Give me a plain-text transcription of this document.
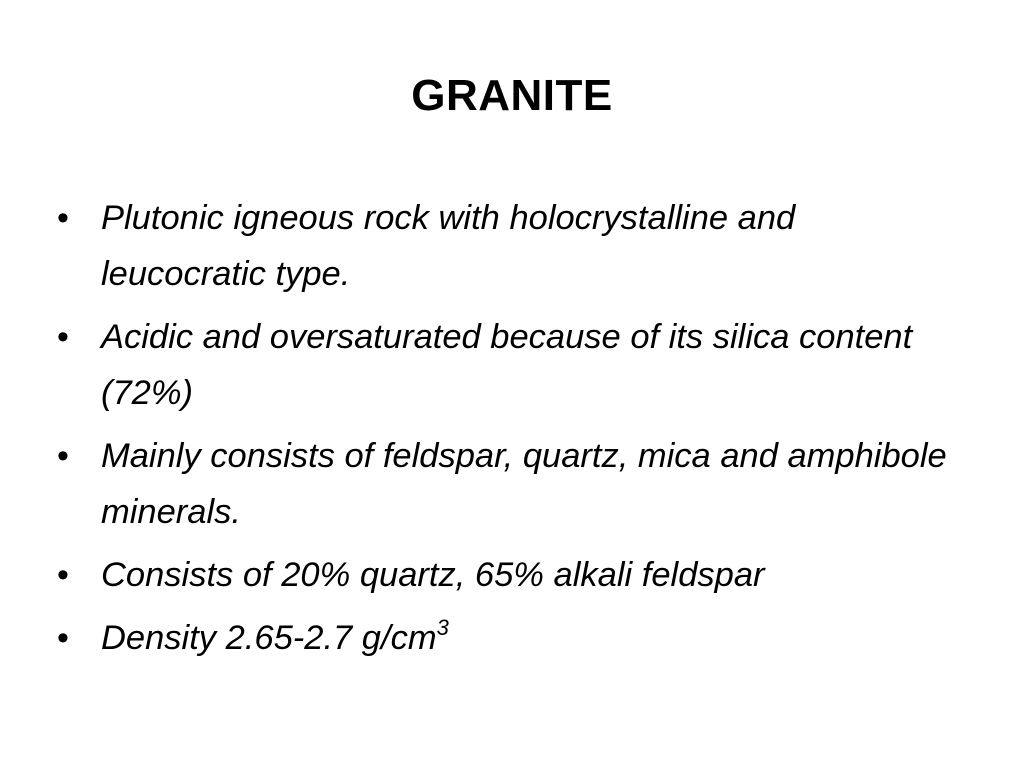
GRANITE
• Plutonic igneous rock with holocrystalline and leucocratic type.
• Acidic and oversaturated because of its silica content (72%)
• Mainly consists of feldspar, quartz, mica and amphibole minerals.
• Consists of 20% quartz, 65% alkali feldspar
• Density 2.65-2.7 $g/cm^3$
